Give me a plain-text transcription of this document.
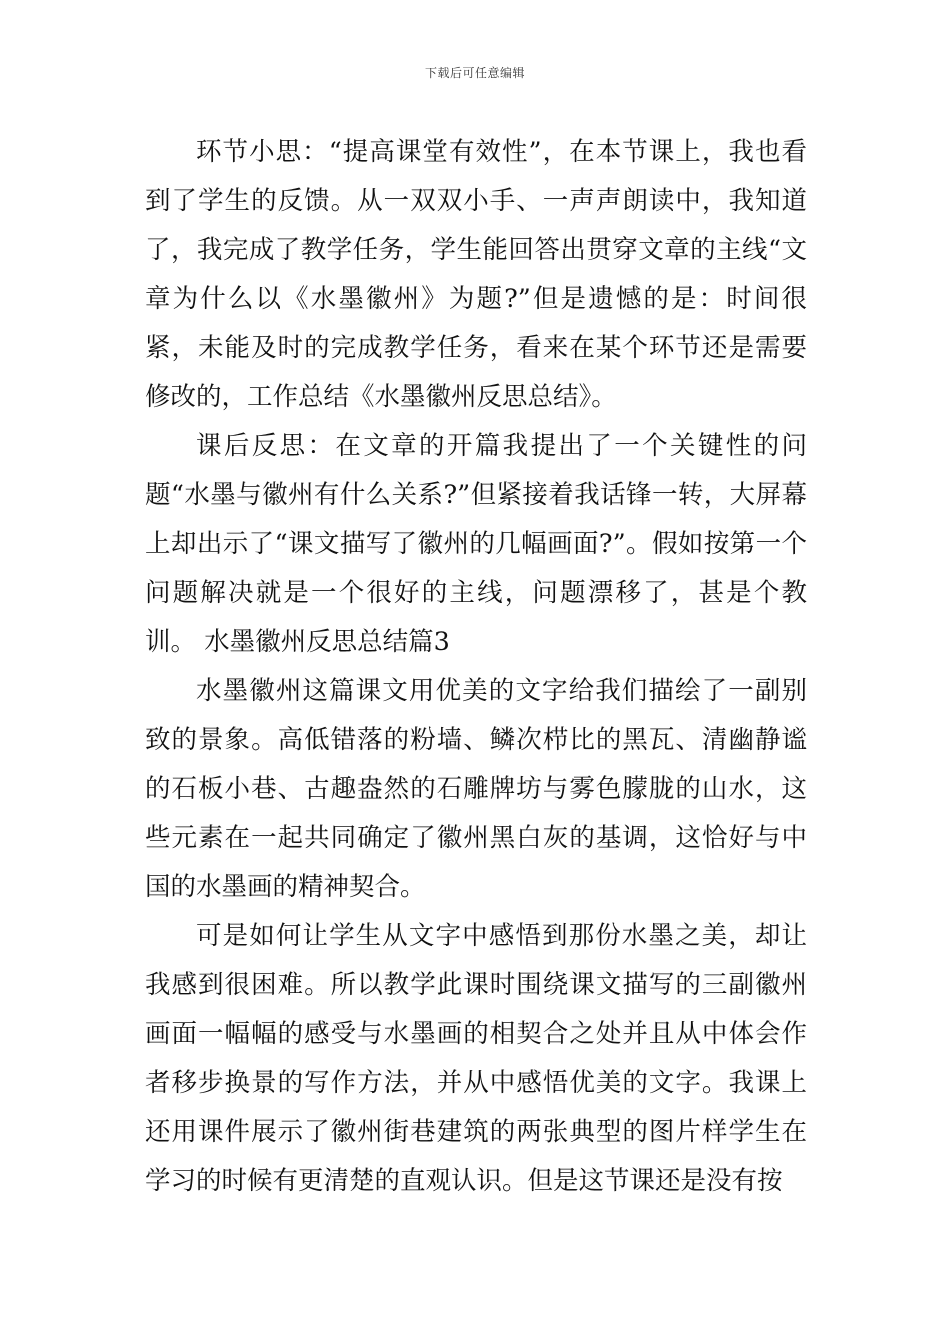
下载后可任意编辑

环节小思：“提高课堂有效性”，在本节课上，我也看到了学生的反馈。从一双双小手、一声声朗读中，我知道了，我完成了教学任务，学生能回答出贯穿文章的主线“文章为什么以《水墨徽州》为题?”但是遗憾的是：时间很紧，未能及时的完成教学任务，看来在某个环节还是需要修改的，工作总结《水墨徽州反思总结》。

课后反思：在文章的开篇我提出了一个关键性的问题“水墨与徽州有什么关系?”但紧接着我话锋一转，大屏幕上却出示了“课文描写了徽州的几幅画面?”。假如按第一个问题解决就是一个很好的主线，问题漂移了，甚是个教训。 水墨徽州反思总结篇3

水墨徽州这篇课文用优美的文字给我们描绘了一副别致的景象。高低错落的粉墙、鳞次栉比的黑瓦、清幽静谧的石板小巷、古趣盎然的石雕牌坊与雾色朦胧的山水，这些元素在一起共同确定了徽州黑白灰的基调，这恰好与中国的水墨画的精神契合。

可是如何让学生从文字中感悟到那份水墨之美，却让我感到很困难。所以教学此课时围绕课文描写的三副徽州画面一幅幅的感受与水墨画的相契合之处并且从中体会作者移步换景的写作方法，并从中感悟优美的文字。我课上还用课件展示了徽州街巷建筑的两张典型的图片样学生在学习的时候有更清楚的直观认识。但是这节课还是没有按
